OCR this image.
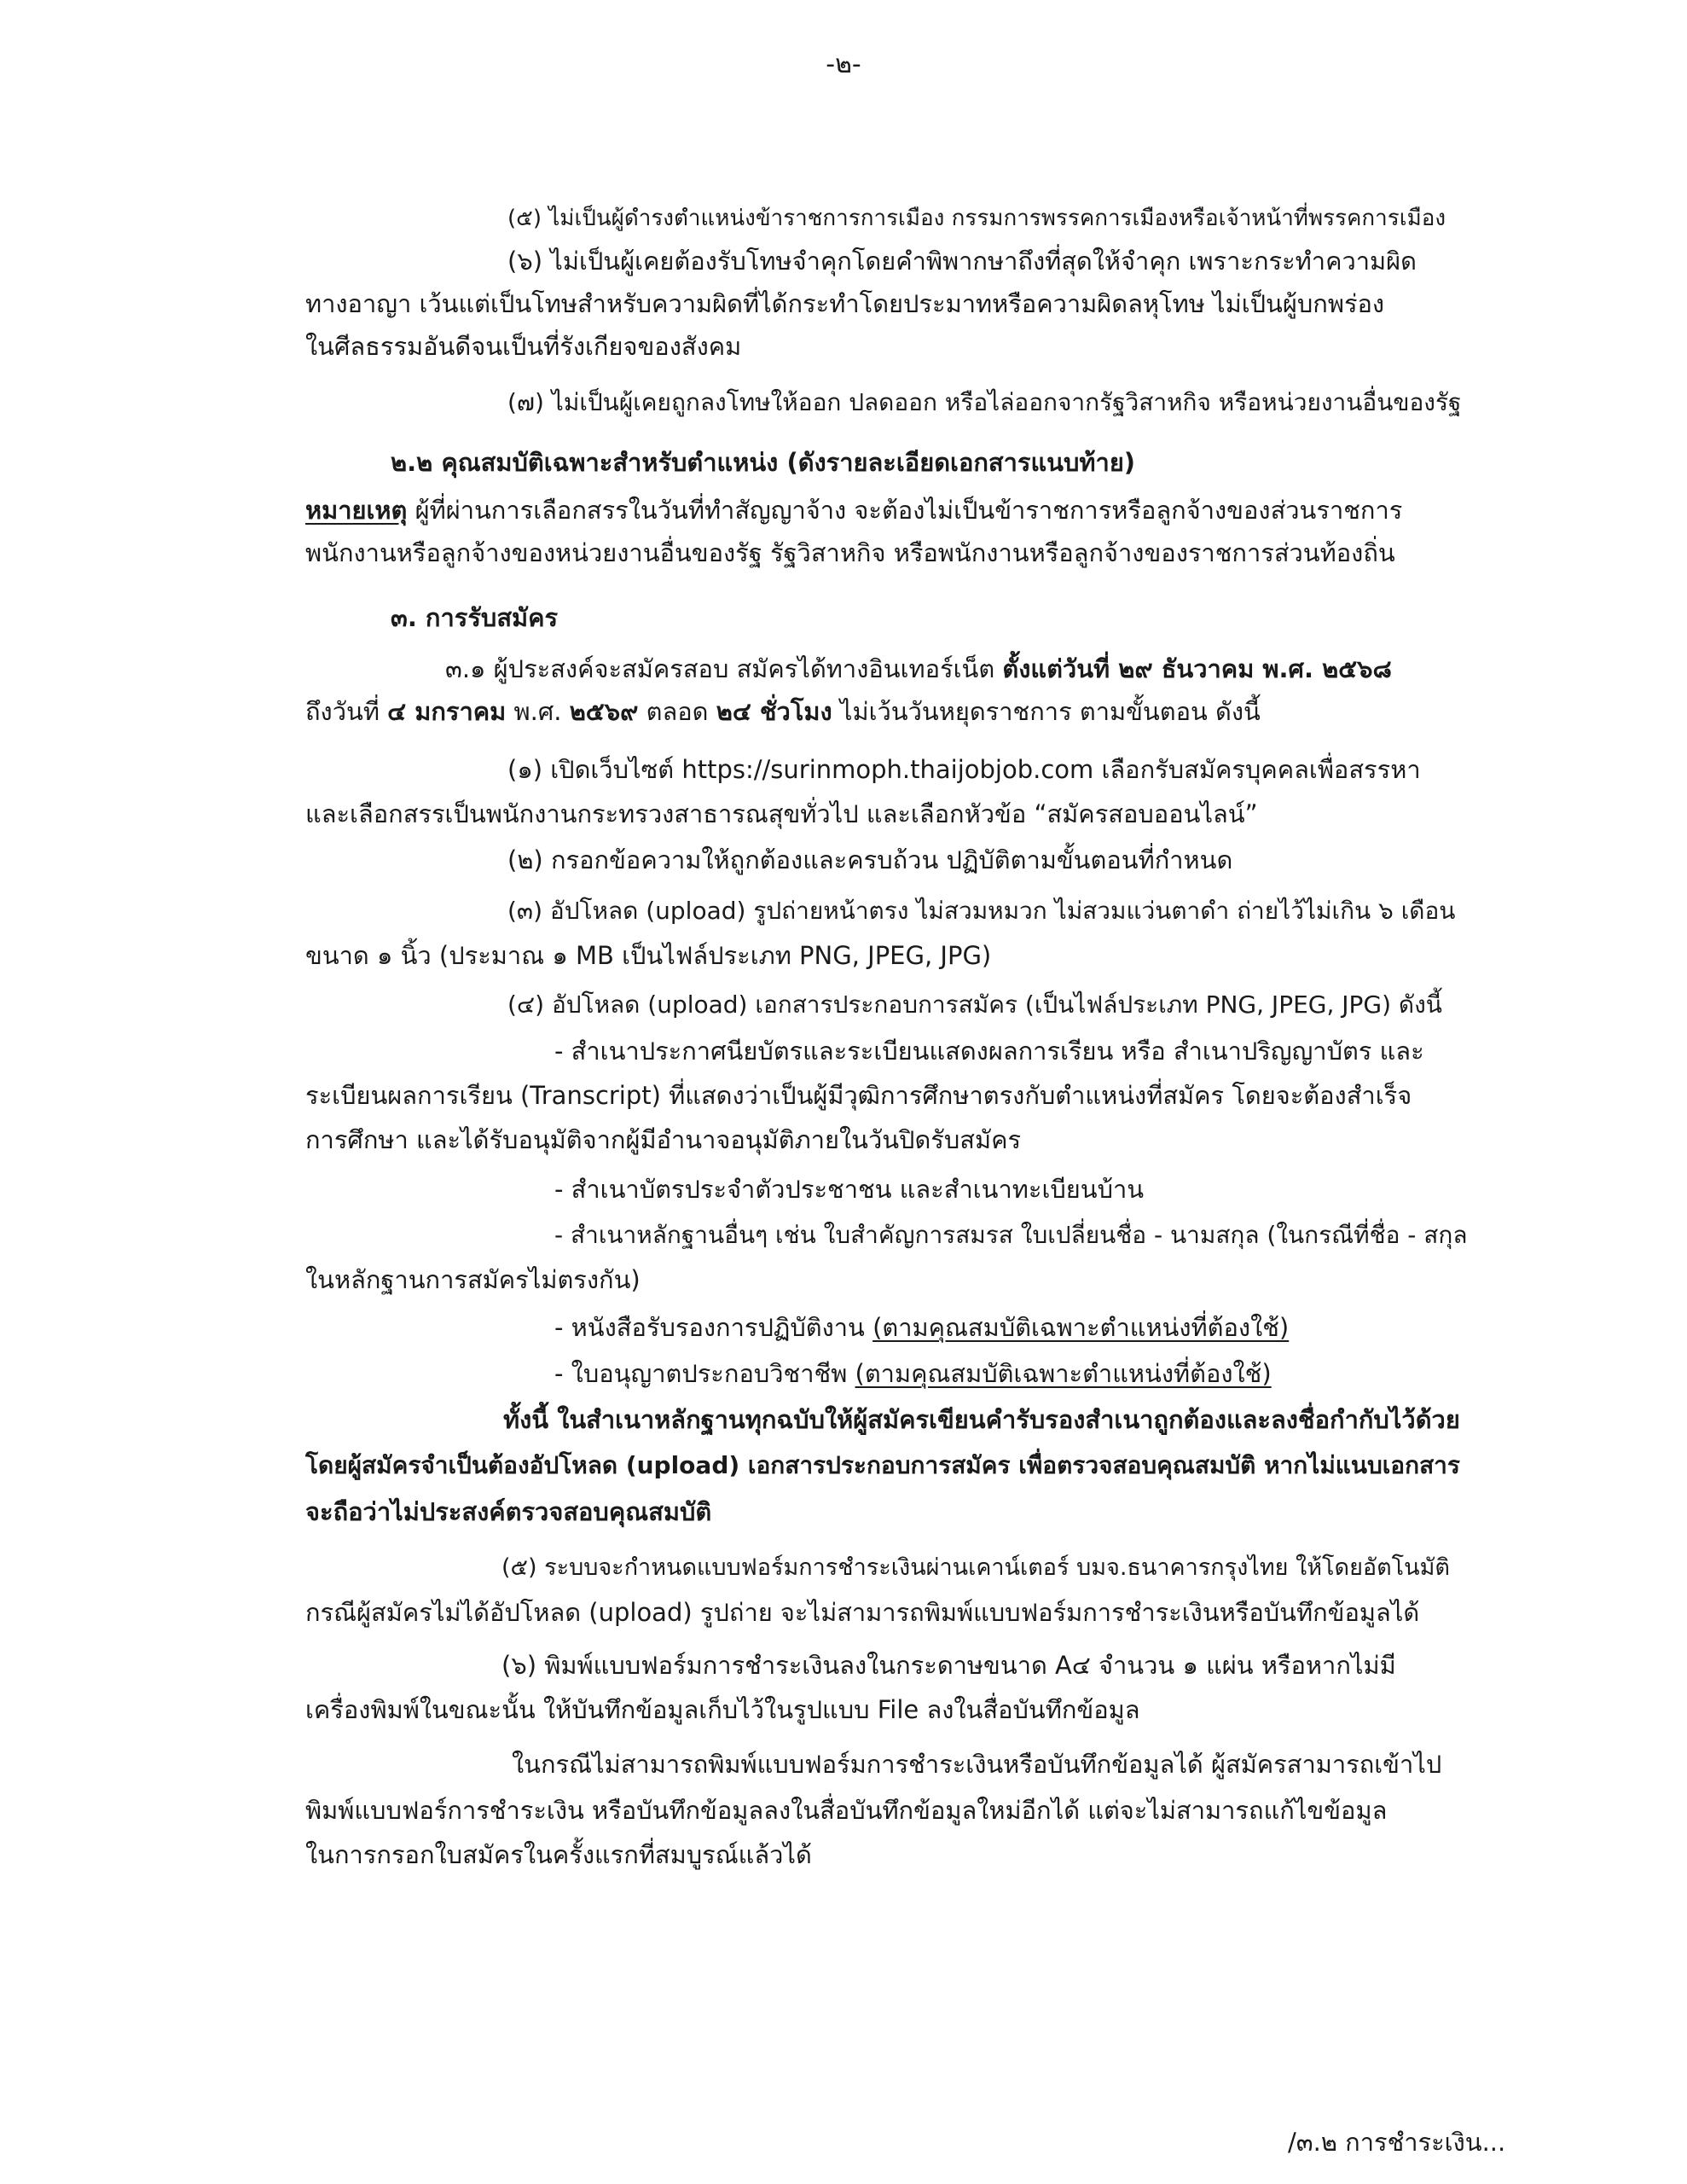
-๒-
(๕) ไม่เป็นผู้ดำรงตำแหน่งข้าราชการการเมือง กรรมการพรรคการเมืองหรือเจ้าหน้าที่พรรคการเมือง
(๖) ไม่เป็นผู้เคยต้องรับโทษจำคุกโดยคำพิพากษาถึงที่สุดให้จำคุก เพราะกระทำความผิด
ทางอาญา เว้นแต่เป็นโทษสำหรับความผิดที่ได้กระทำโดยประมาทหรือความผิดลหุโทษ ไม่เป็นผู้บกพร่อง
ในศีลธรรมอันดีจนเป็นที่รังเกียจของสังคม
(๗) ไม่เป็นผู้เคยถูกลงโทษให้ออก ปลดออก หรือไล่ออกจากรัฐวิสาหกิจ หรือหน่วยงานอื่นของรัฐ
๒.๒ คุณสมบัติเฉพาะสำหรับตำแหน่ง (ดังรายละเอียดเอกสารแนบท้าย)
หมายเหตุ ผู้ที่ผ่านการเลือกสรรในวันที่ทำสัญญาจ้าง จะต้องไม่เป็นข้าราชการหรือลูกจ้างของส่วนราชการ
พนักงานหรือลูกจ้างของหน่วยงานอื่นของรัฐ รัฐวิสาหกิจ หรือพนักงานหรือลูกจ้างของราชการส่วนท้องถิ่น
๓. การรับสมัคร
๓.๑ ผู้ประสงค์จะสมัครสอบ สมัครได้ทางอินเทอร์เน็ต ตั้งแต่วันที่ ๒๙ ธันวาคม พ.ศ. ๒๕๖๘
ถึงวันที่ ๔ มกราคม พ.ศ. ๒๕๖๙ ตลอด ๒๔ ชั่วโมง ไม่เว้นวันหยุดราชการ ตามขั้นตอน ดังนี้
(๑) เปิดเว็บไซต์ https://surinmoph.thaijobjob.com เลือกรับสมัครบุคคลเพื่อสรรหา
และเลือกสรรเป็นพนักงานกระทรวงสาธารณสุขทั่วไป และเลือกหัวข้อ “สมัครสอบออนไลน์”
(๒) กรอกข้อความให้ถูกต้องและครบถ้วน ปฏิบัติตามขั้นตอนที่กำหนด
(๓) อัปโหลด (upload) รูปถ่ายหน้าตรง ไม่สวมหมวก ไม่สวมแว่นตาดำ ถ่ายไว้ไม่เกิน ๖ เดือน
ขนาด ๑ นิ้ว (ประมาณ ๑ MB เป็นไฟล์ประเภท PNG, JPEG, JPG)
(๔) อัปโหลด (upload) เอกสารประกอบการสมัคร (เป็นไฟล์ประเภท PNG, JPEG, JPG) ดังนี้
- สำเนาประกาศนียบัตรและระเบียนแสดงผลการเรียน หรือ สำเนาปริญญาบัตร และ
ระเบียนผลการเรียน (Transcript) ที่แสดงว่าเป็นผู้มีวุฒิการศึกษาตรงกับตำแหน่งที่สมัคร โดยจะต้องสำเร็จ
การศึกษา และได้รับอนุมัติจากผู้มีอำนาจอนุมัติภายในวันปิดรับสมัคร
- สำเนาบัตรประจำตัวประชาชน และสำเนาทะเบียนบ้าน
- สำเนาหลักฐานอื่นๆ เช่น ใบสำคัญการสมรส ใบเปลี่ยนชื่อ - นามสกุล (ในกรณีที่ชื่อ - สกุล
ในหลักฐานการสมัครไม่ตรงกัน)
- หนังสือรับรองการปฏิบัติงาน (ตามคุณสมบัติเฉพาะตำแหน่งที่ต้องใช้)
- ใบอนุญาตประกอบวิชาชีพ (ตามคุณสมบัติเฉพาะตำแหน่งที่ต้องใช้)
ทั้งนี้ ในสำเนาหลักฐานทุกฉบับให้ผู้สมัครเขียนคำรับรองสำเนาถูกต้องและลงชื่อกำกับไว้ด้วย
โดยผู้สมัครจำเป็นต้องอัปโหลด (upload) เอกสารประกอบการสมัคร เพื่อตรวจสอบคุณสมบัติ หากไม่แนบเอกสาร
จะถือว่าไม่ประสงค์ตรวจสอบคุณสมบัติ
(๕) ระบบจะกำหนดแบบฟอร์มการชำระเงินผ่านเคาน์เตอร์ บมจ.ธนาคารกรุงไทย ให้โดยอัตโนมัติ
กรณีผู้สมัครไม่ได้อัปโหลด (upload) รูปถ่าย จะไม่สามารถพิมพ์แบบฟอร์มการชำระเงินหรือบันทึกข้อมูลได้
(๖) พิมพ์แบบฟอร์มการชำระเงินลงในกระดาษขนาด A๔ จำนวน ๑ แผ่น หรือหากไม่มี
เครื่องพิมพ์ในขณะนั้น ให้บันทึกข้อมูลเก็บไว้ในรูปแบบ File ลงในสื่อบันทึกข้อมูล
ในกรณีไม่สามารถพิมพ์แบบฟอร์มการชำระเงินหรือบันทึกข้อมูลได้ ผู้สมัครสามารถเข้าไป
พิมพ์แบบฟอร์การชำระเงิน หรือบันทึกข้อมูลลงในสื่อบันทึกข้อมูลใหม่อีกได้ แต่จะไม่สามารถแก้ไขข้อมูล
ในการกรอกใบสมัครในครั้งแรกที่สมบูรณ์แล้วได้
/๓.๒ การชำระเงิน...
